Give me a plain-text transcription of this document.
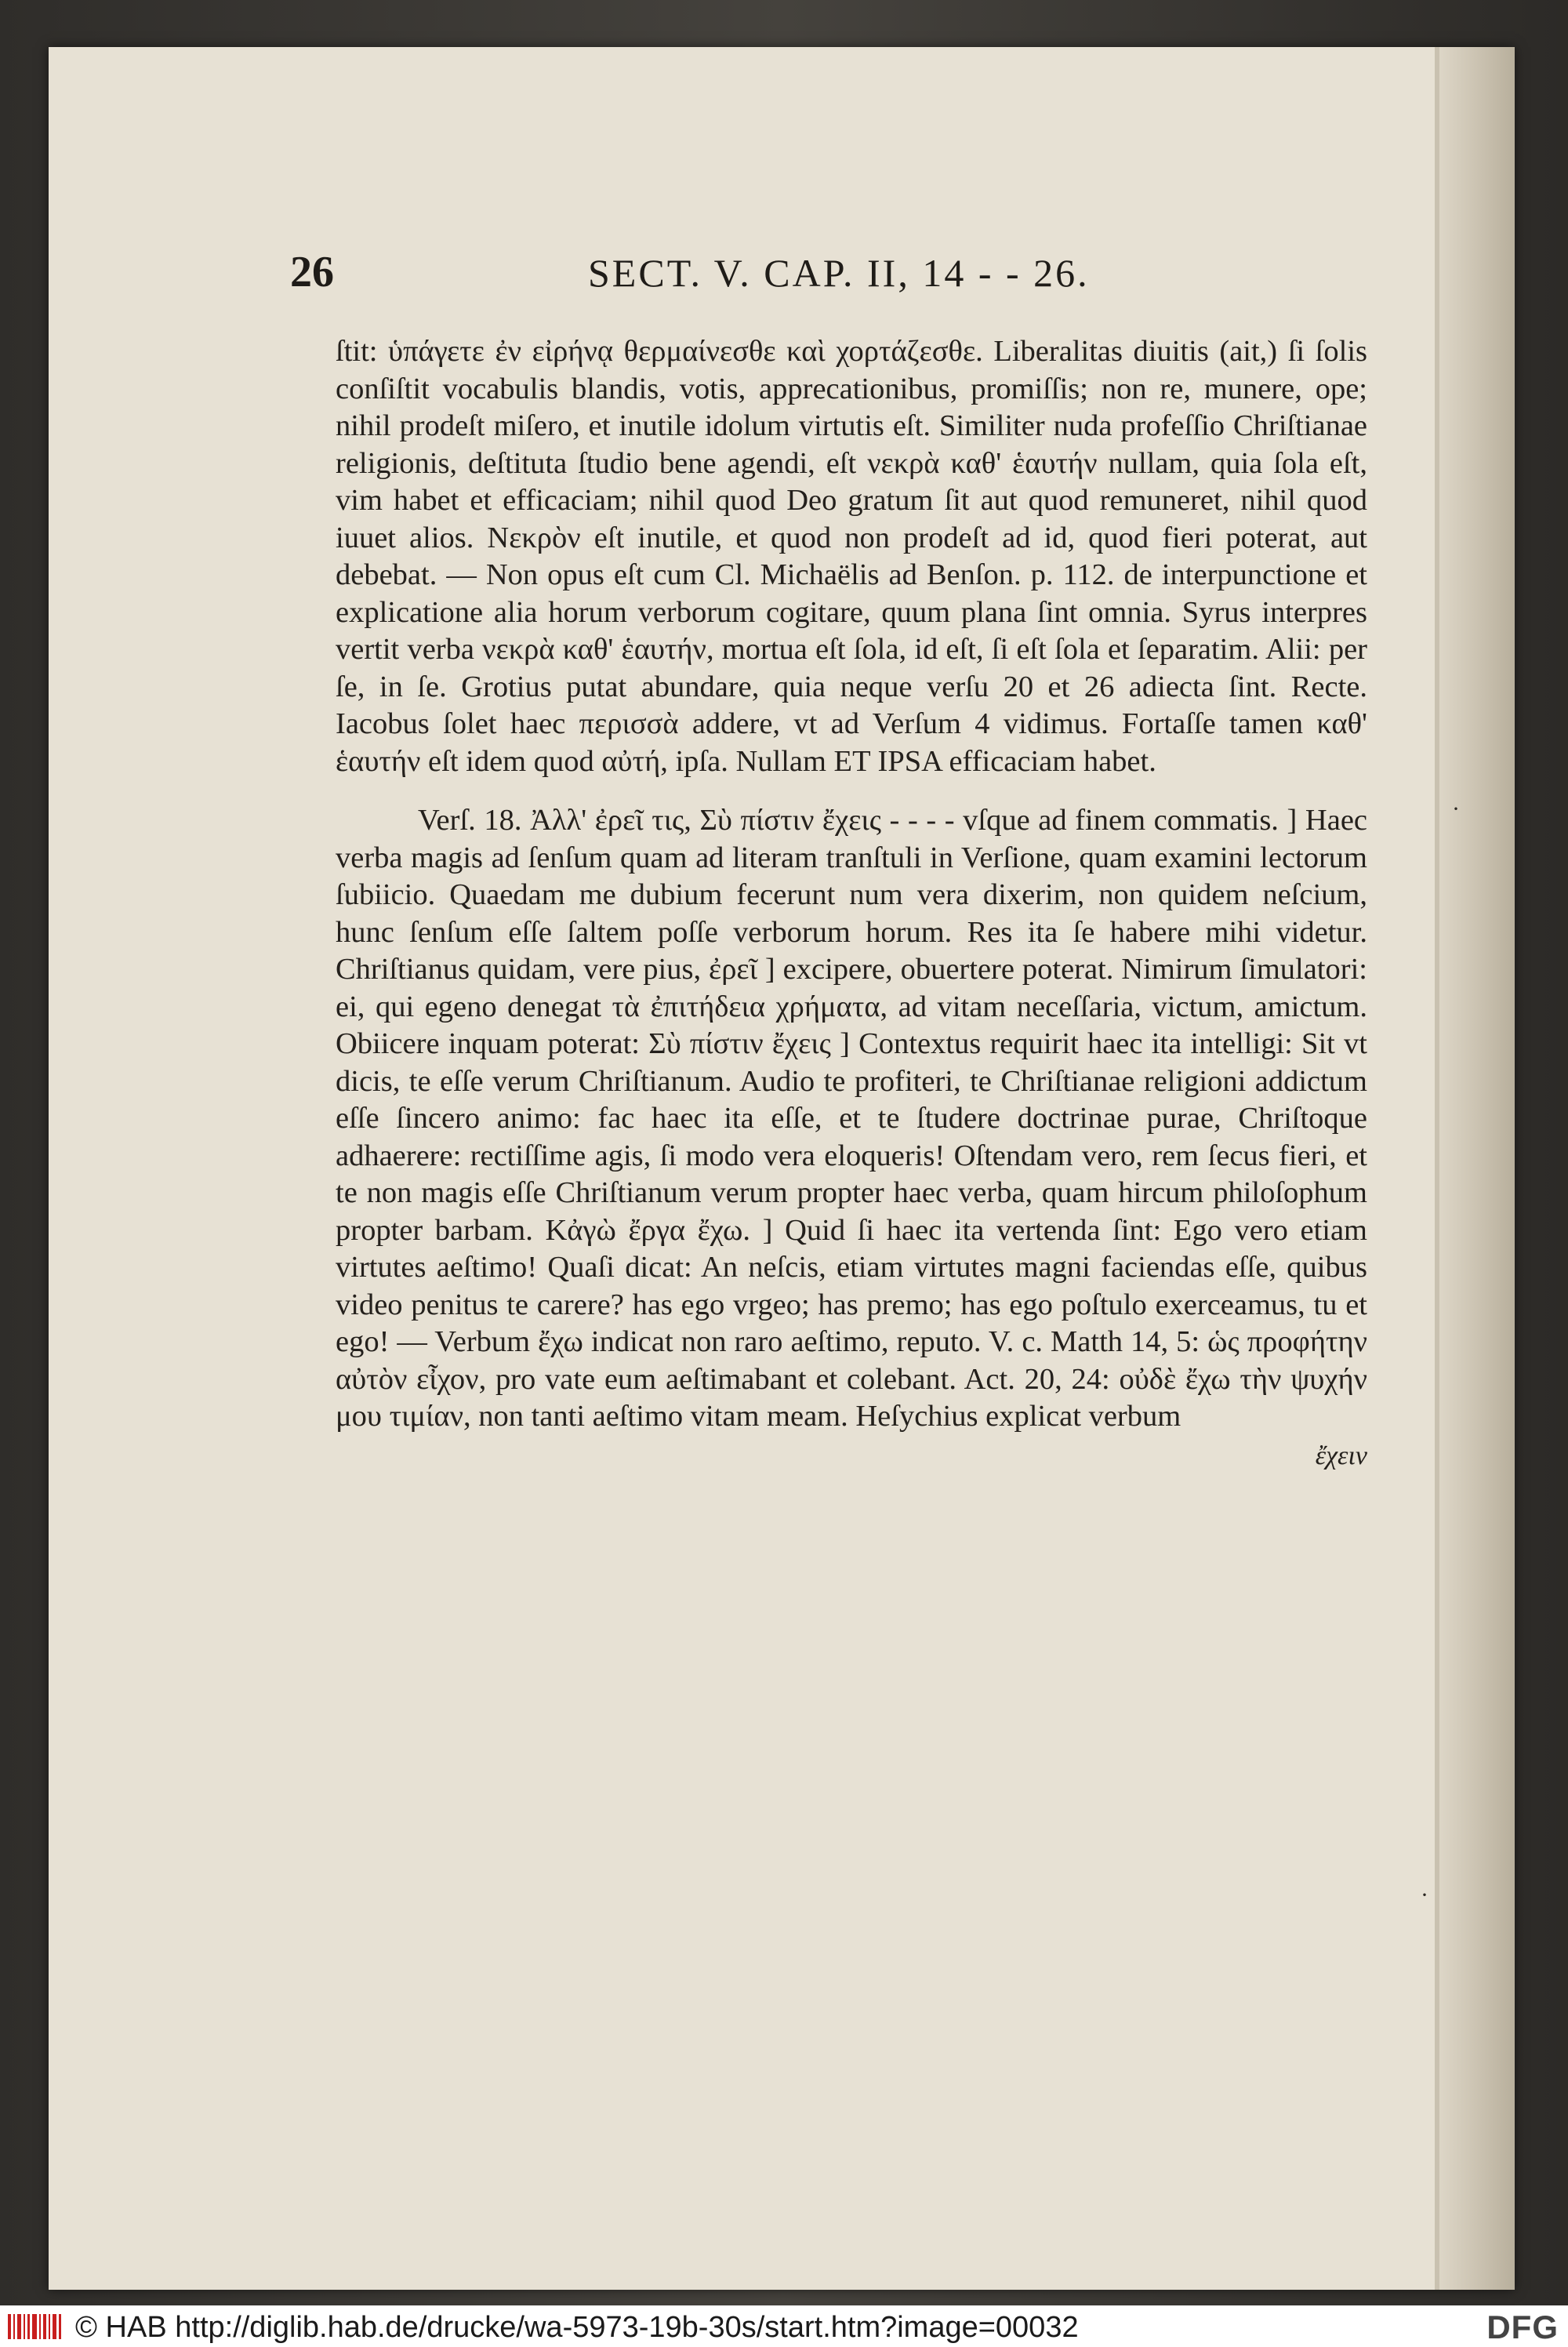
26	SECT. V. CAP. II, 14 - - 26.

ſtit: ὑπάγετε ἐν εἰρήνᾳ θερμαίνεσθε καὶ χορτάζεσθε. Liberalitas diuitis (ait,) ſi ſolis conſiſtit vocabulis blandis, votis, apprecationibus, promiſſis; non re, munere, ope; nihil prodeſt miſero, et inutile idolum virtutis eſt. Similiter nuda profeſſio Chriſtianae religionis, deſtituta ſtudio bene agendi, eſt νεκρὰ καθ' ἑαυτήν nullam, quia ſola eſt, vim habet et efficaciam; nihil quod Deo gratum ſit aut quod remuneret, nihil quod iuuet alios. Νεκρὸν eſt inutile, et quod non prodeſt ad id, quod fieri poterat, aut debebat. — Non opus eſt cum Cl. Michaëlis ad Benſon. p. 112. de interpunctione et explicatione alia horum verborum cogitare, quum plana ſint omnia. Syrus interpres vertit verba νεκρὰ καθ' ἑαυτήν, mortua eſt ſola, id eſt, ſi eſt ſola et ſeparatim. Alii: per ſe, in ſe. Grotius putat abundare, quia neque verſu 20 et 26 adiecta ſint. Recte. Iacobus ſolet haec περισσὰ addere, vt ad Verſum 4 vidimus. Fortaſſe tamen καθ' ἑαυτήν eſt idem quod αὐτή, ipſa. Nullam ET IPSA efficaciam habet.

Verſ. 18. Ἀλλ' ἐρεῖ τις, Σὺ πίστιν ἔχεις - - - - vſque ad finem commatis. ] Haec verba magis ad ſenſum quam ad literam tranſtuli in Verſione, quam examini lectorum ſubiicio. Quaedam me dubium fecerunt num vera dixerim, non quidem neſcium, hunc ſenſum eſſe ſaltem poſſe verborum horum. Res ita ſe habere mihi videtur. Chriſtianus quidam, vere pius, ἐρεῖ ] excipere, obuertere poterat. Nimirum ſimulatori: ei, qui egeno denegat τὰ ἐπιτήδεια χρήματα, ad vitam neceſſaria, victum, amictum. Obiicere inquam poterat: Σὺ πίστιν ἔχεις ] Contextus requirit haec ita intelligi: Sit vt dicis, te eſſe verum Chriſtianum. Audio te profiteri, te Chriſtianae religioni addictum eſſe ſincero animo: fac haec ita eſſe, et te ſtudere doctrinae purae, Chriſtoque adhaerere: rectiſſime agis, ſi modo vera eloqueris! Oſtendam vero, rem ſecus fieri, et te non magis eſſe Chriſtianum verum propter haec verba, quam hircum philoſophum propter barbam. Κἀγὼ ἔργα ἔχω. ] Quid ſi haec ita vertenda ſint: Ego vero etiam virtutes aeſtimo! Quaſi dicat: An neſcis, etiam virtutes magni faciendas eſſe, quibus video penitus te carere? has ego vrgeo; has premo; has ego poſtulo exerceamus, tu et ego! — Verbum ἔχω indicat non raro aeſtimo, reputo. V. c. Matth 14, 5: ὡς προφήτην αὐτὸν εἶχον, pro vate eum aeſtimabant et colebant. Act. 20, 24: οὐδὲ ἔχω τὴν ψυχήν μου τιμίαν, non tanti aeſtimo vitam meam. Heſychius explicat verbum

ἔχειν

·
·
© HAB http://diglib.hab.de/drucke/wa-5973-19b-30s/start.htm?image=00032	DFG
